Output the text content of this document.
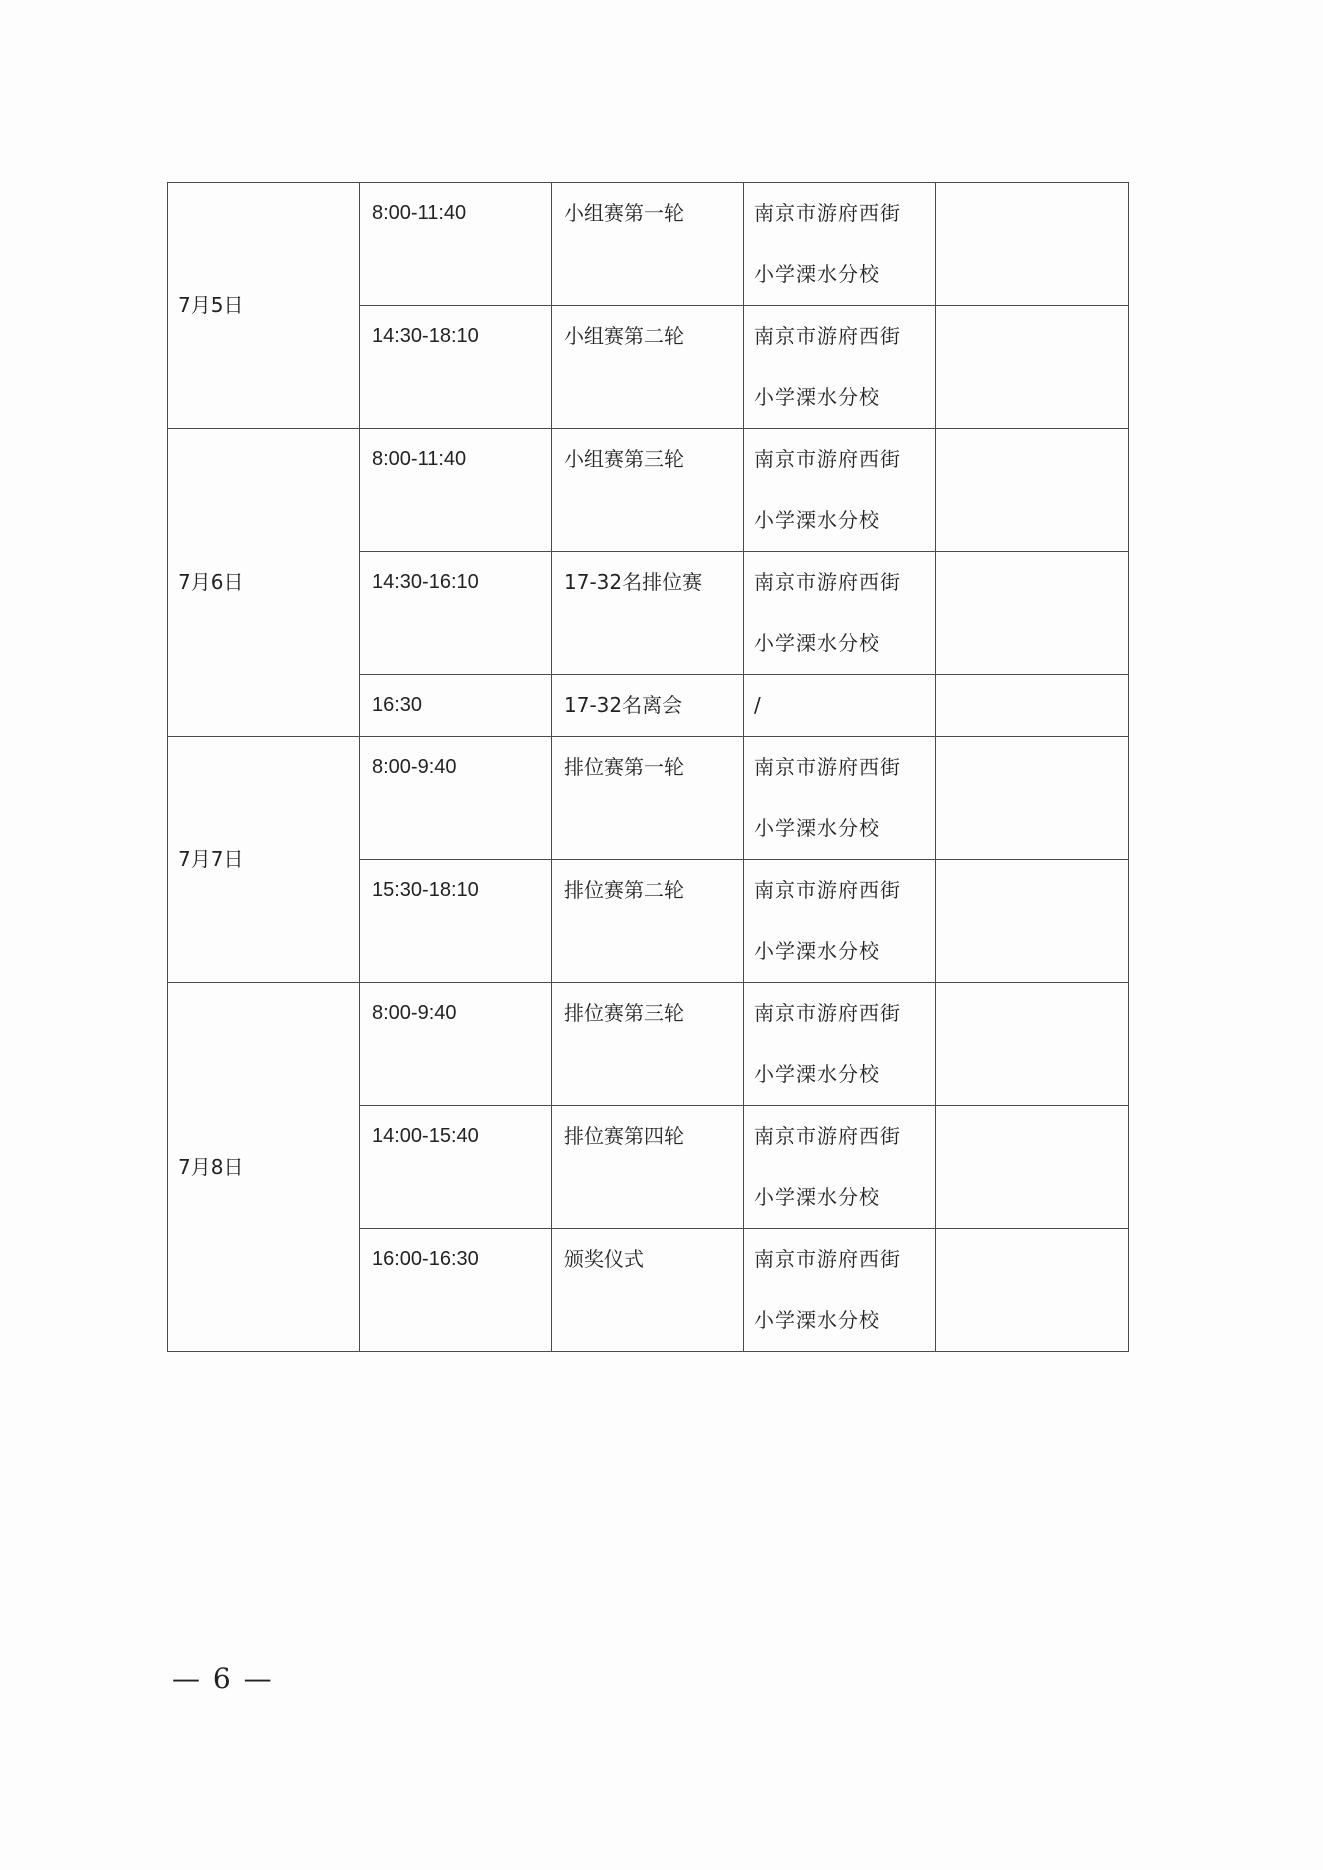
7月5日	8:00-11:40	小组赛第一轮	南京市游府西街
小学溧水分校	

	14:30-18:10	小组赛第二轮	南京市游府西街
小学溧水分校	

7月6日	8:00-11:40	小组赛第三轮	南京市游府西街
小学溧水分校	

	14:30-16:10	17-32名排位赛	南京市游府西街
小学溧水分校	

	16:30	17-32名离会	/	

7月7日	8:00-9:40	排位赛第一轮	南京市游府西街
小学溧水分校	

	15:30-18:10	排位赛第二轮	南京市游府西街
小学溧水分校	

7月8日	8:00-9:40	排位赛第三轮	南京市游府西街
小学溧水分校	

	14:00-15:40	排位赛第四轮	南京市游府西街
小学溧水分校	

	16:00-16:30	颁奖仪式	南京市游府西街
小学溧水分校	

— 6 —
